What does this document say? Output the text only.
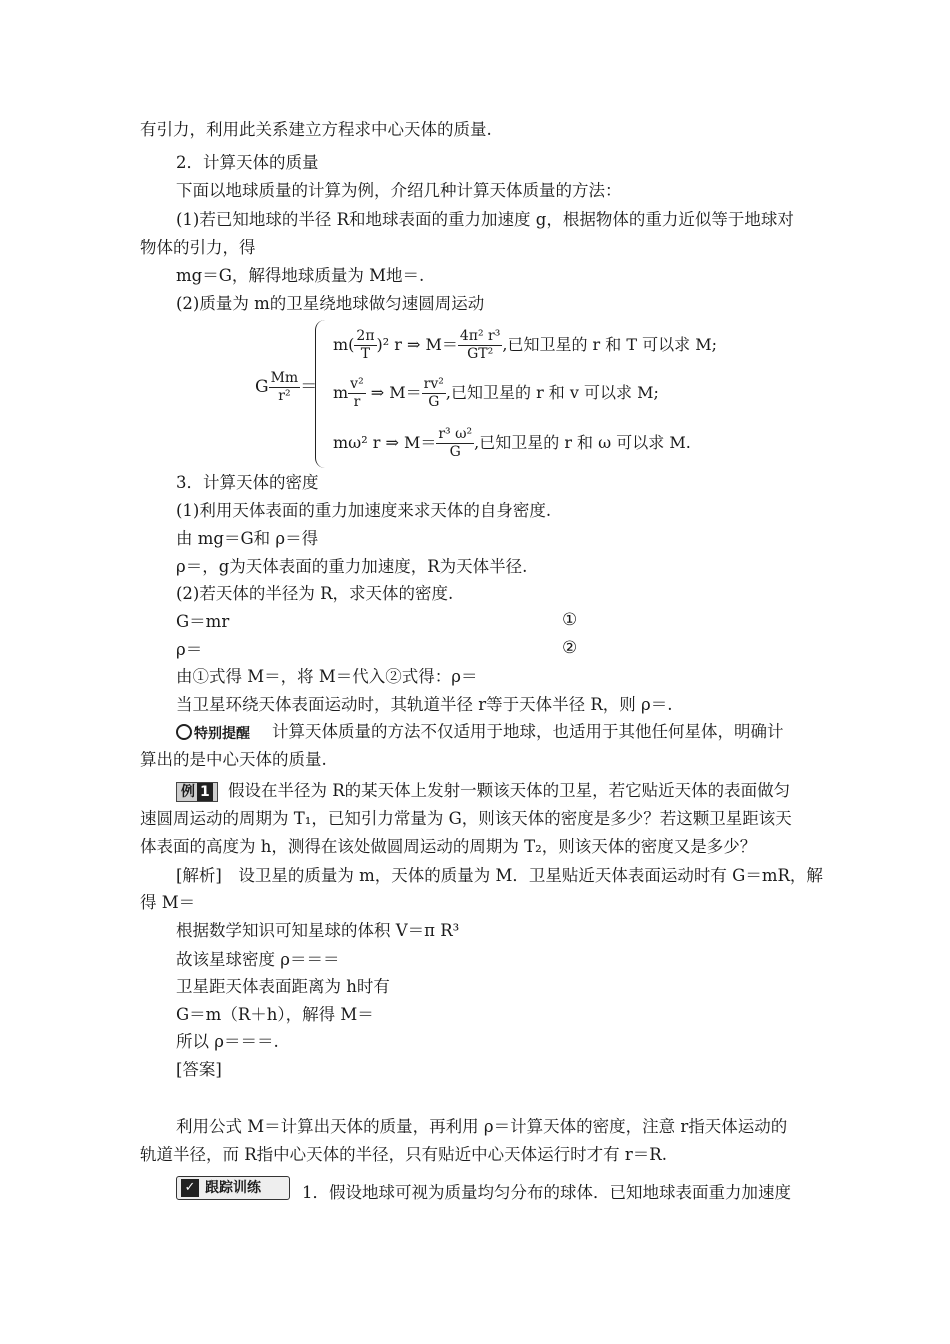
有引力，利用此关系建立方程求中心天体的质量.
2．计算天体的质量
下面以地球质量的计算为例，介绍几种计算天体质量的方法：
(1)若已知地球的半径 R和地球表面的重力加速度 g，根据物体的重力近似等于地球对
物体的引力，得
mg＝G，解得地球质量为 M地＝.
(2)质量为 m的卫星绕地球做匀速圆周运动
G $\frac{Mm}{\text{r²}}$ ＝
$m( \frac{2\pi}{T} )^2$ r ⇒ $M= \frac{\text{4π² r³}}{\text{GT²}}$ ,已知卫星的 r 和 T 可以求 M;
m $\frac{\text{v²}}{r}$ ⇒ $M= \frac{\text{rv²}}{G}$ ,已知卫星的 r 和 v 可以求 M;
mω² r ⇒ $M= \frac{\text{r³ ω²}}{G}$ ,已知卫星的 r 和 ω 可以求 M.
3．计算天体的密度
(1)利用天体表面的重力加速度来求天体的自身密度.
由 mg＝G和 ρ＝得
ρ＝，g为天体表面的重力加速度，R为天体半径.
(2)若天体的半径为 R，求天体的密度.
G＝mr	①
ρ＝	②
由①式得 M＝，将 M＝代入②式得：ρ＝
当卫星环绕天体表面运动时，其轨道半径 r等于天体半径 R，则 ρ＝.
特别提醒 计算天体质量的方法不仅适用于地球，也适用于其他任何星体，明确计
算出的是中心天体的质量.
例 1	假设在半径为 R的某天体上发射一颗该天体的卫星，若它贴近天体的表面做匀
速圆周运动的周期为 T₁，已知引力常量为 G，则该天体的密度是多少？若这颗卫星距该天
体表面的高度为 h，测得在该处做圆周运动的周期为 T₂，则该天体的密度又是多少？
[解析]　设卫星的质量为 m，天体的质量为 M．卫星贴近天体表面运动时有 G＝mR，解
得 M＝
根据数学知识可知星球的体积 V＝π R³
故该星球密度 ρ＝＝＝
卫星距天体表面距离为 h时有
G＝m（R＋h），解得 M＝
所以 ρ＝＝＝.
[答案]
利用公式 M＝计算出天体的质量，再利用 ρ＝计算天体的密度，注意 r指天体运动的
轨道半径，而 R指中心天体的半径，只有贴近中心天体运行时才有 r＝R.
✓ 跟踪训练	1．假设地球可视为质量均匀分布的球体．已知地球表面重力加速度
